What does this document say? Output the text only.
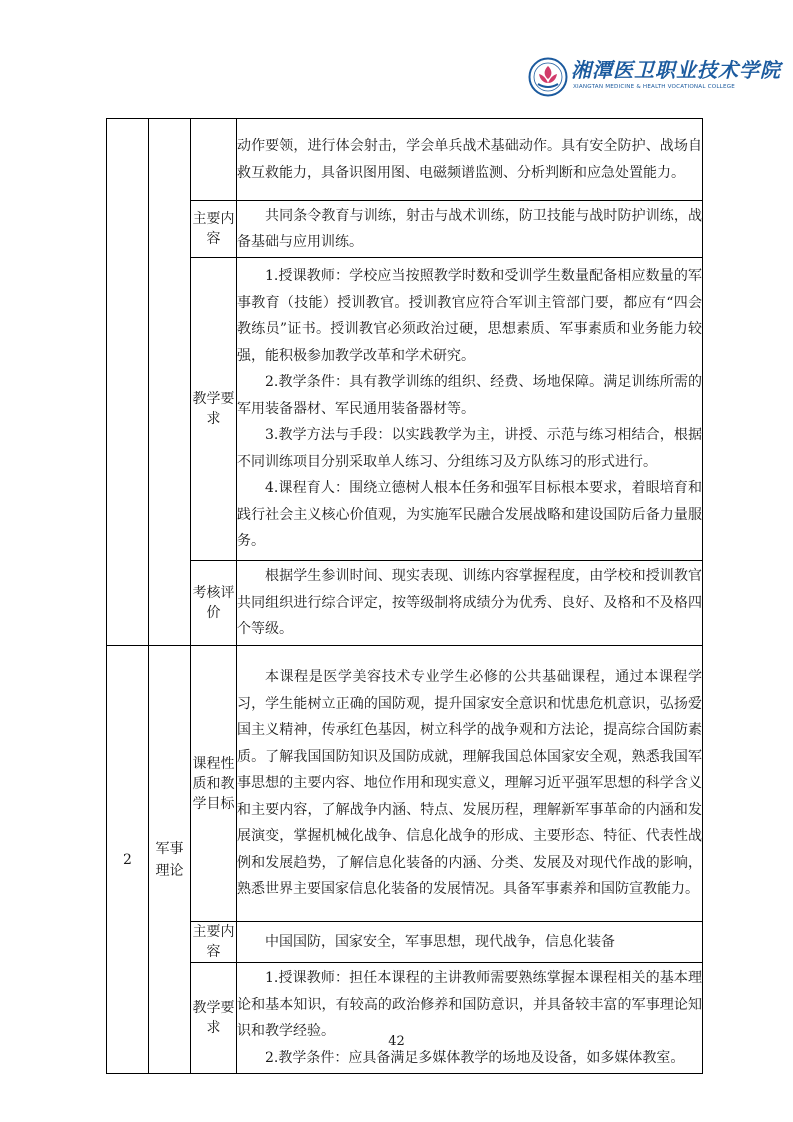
湘潭医卫职业技术学院
XIANGTAN MEDICINE & HEALTH VOCATIONAL COLLEGE

			动作要领，进行体会射击，学会单兵战术基础动作。具有安全防护、战场自救互救能力，具备识图用图、电磁频谱监测、分析判断和应急处置能力。

		主要内容	共同条令教育与训练，射击与战术训练，防卫技能与战时防护训练，战备基础与应用训练。

		教学要求	1.授课教师：学校应当按照教学时数和受训学生数量配备相应数量的军事教育（技能）授训教官。授训教官应符合军训主管部门要，都应有“四会教练员”证书。授训教官必须政治过硬，思想素质、军事素质和业务能力较强，能积极参加教学改革和学术研究。

2.教学条件：具有教学训练的组织、经费、场地保障。满足训练所需的军用装备器材、军民通用装备器材等。

3.教学方法与手段：以实践教学为主，讲授、示范与练习相结合，根据不同训练项目分别采取单人练习、分组练习及方队练习的形式进行。

4.课程育人：围绕立德树人根本任务和强军目标根本要求，着眼培育和践行社会主义核心价值观，为实施军民融合发展战略和建设国防后备力量服务。

		考核评价	根据学生参训时间、现实表现、训练内容掌握程度，由学校和授训教官共同组织进行综合评定，按等级制将成绩分为优秀、良好、及格和不及格四个等级。

2	军事理论	课程性质和教学目标	本课程是医学美容技术专业学生必修的公共基础课程，通过本课程学习，学生能树立正确的国防观，提升国家安全意识和忧患危机意识，弘扬爱国主义精神，传承红色基因，树立科学的战争观和方法论，提高综合国防素质。了解我国国防知识及国防成就，理解我国总体国家安全观，熟悉我国军事思想的主要内容、地位作用和现实意义，理解习近平强军思想的科学含义和主要内容，了解战争内涵、特点、发展历程，理解新军事革命的内涵和发展演变，掌握机械化战争、信息化战争的形成、主要形态、特征、代表性战例和发展趋势，了解信息化装备的内涵、分类、发展及对现代作战的影响，熟悉世界主要国家信息化装备的发展情况。具备军事素养和国防宣教能力。

		主要内容	中国国防，国家安全，军事思想，现代战争，信息化装备

		教学要求	1.授课教师：担任本课程的主讲教师需要熟练掌握本课程相关的基本理论和基本知识，有较高的政治修养和国防意识，并具备较丰富的军事理论知识和教学经验。

2.教学条件：应具备满足多媒体教学的场地及设备，如多媒体教室。

42
